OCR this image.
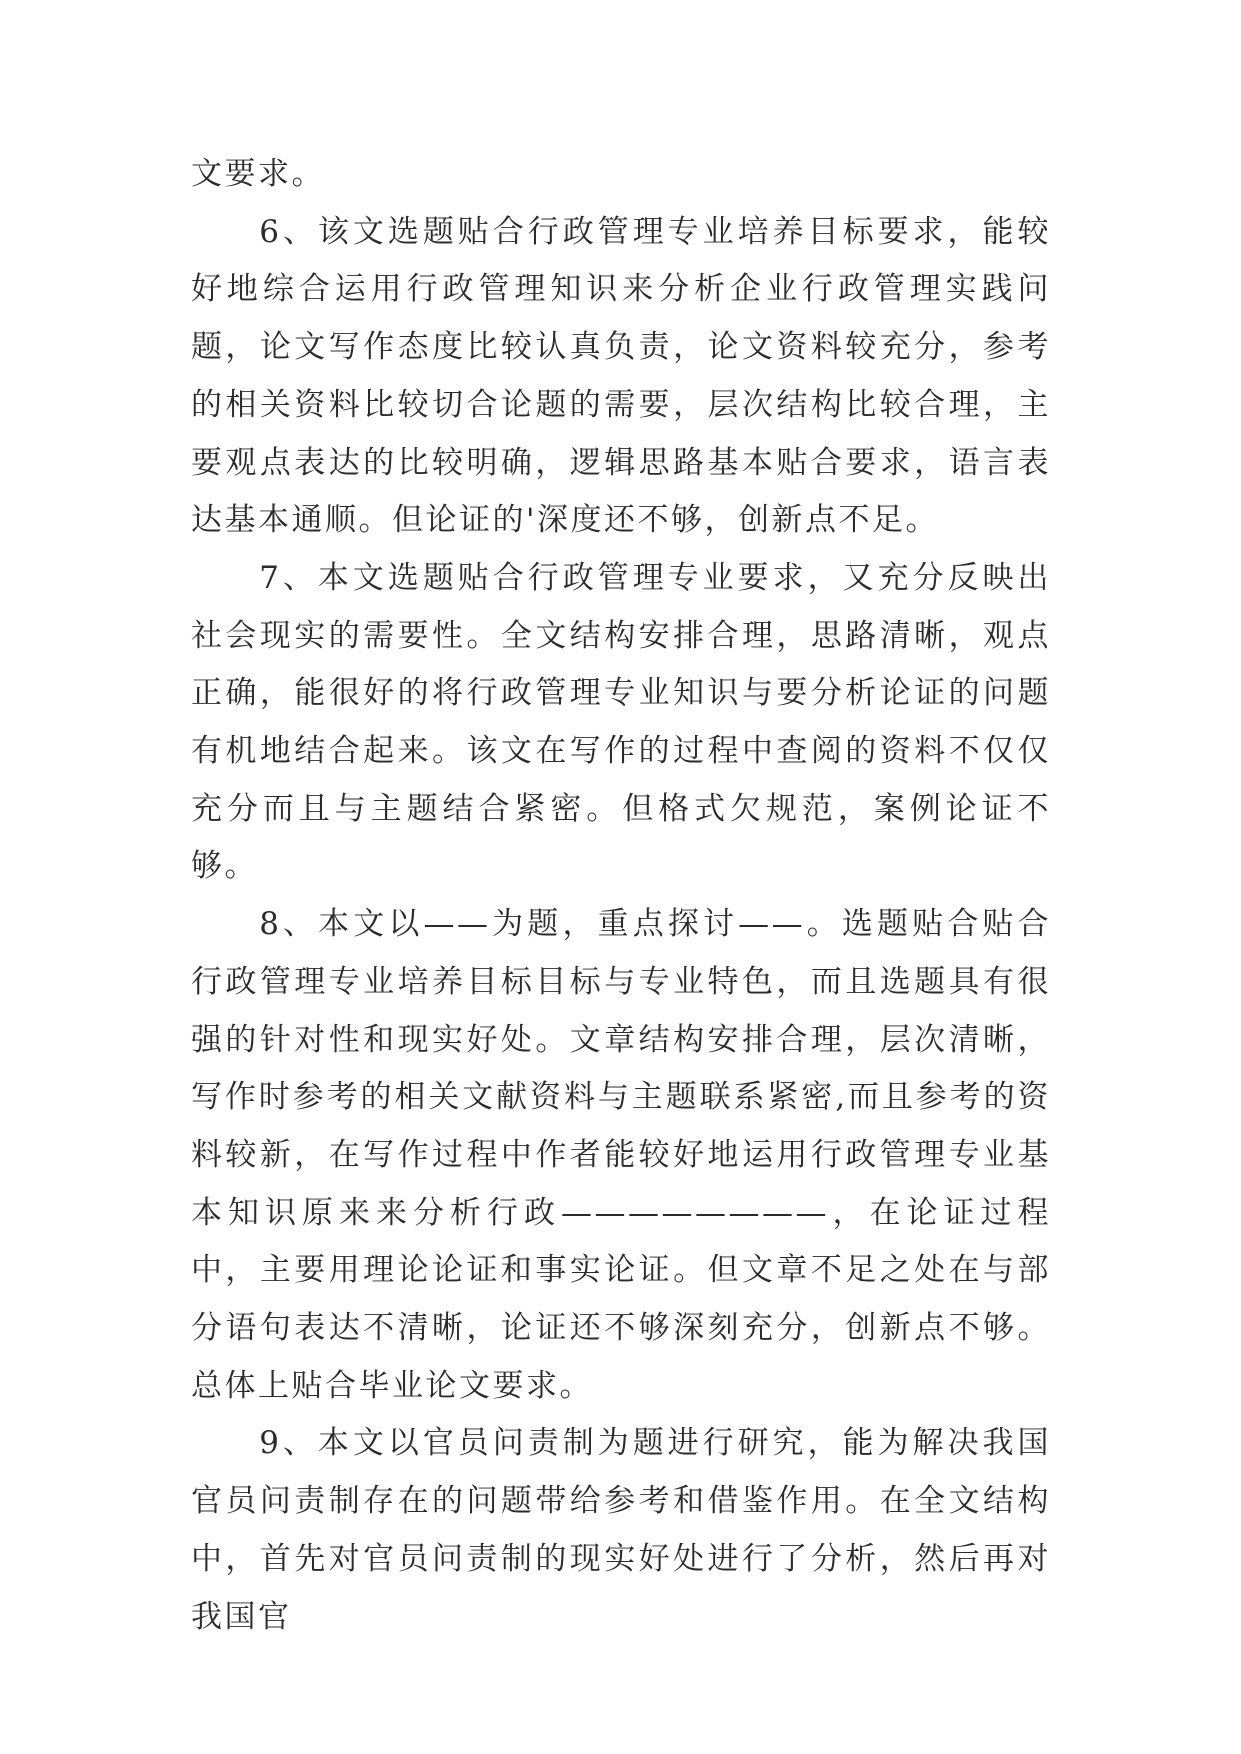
文要求。

6、该文选题贴合行政管理专业培养目标要求，能较好地综合运用行政管理知识来分析企业行政管理实践问题，论文写作态度比较认真负责，论文资料较充分，参考的相关资料比较切合论题的需要，层次结构比较合理，主要观点表达的比较明确，逻辑思路基本贴合要求，语言表达基本通顺。但论证的'深度还不够，创新点不足。

7、本文选题贴合行政管理专业要求，又充分反映出社会现实的需要性。全文结构安排合理，思路清晰，观点正确，能很好的将行政管理专业知识与要分析论证的问题有机地结合起来。该文在写作的过程中查阅的资料不仅仅充分而且与主题结合紧密。但格式欠规范，案例论证不够。

8、本文以——为题，重点探讨——。选题贴合贴合行政管理专业培养目标目标与专业特色，而且选题具有很强的针对性和现实好处。文章结构安排合理，层次清晰，写作时参考的相关文献资料与主题联系紧密,而且参考的资料较新，在写作过程中作者能较好地运用行政管理专业基本知识原来来分析行政————————，在论证过程中，主要用理论论证和事实论证。但文章不足之处在与部分语句表达不清晰，论证还不够深刻充分，创新点不够。总体上贴合毕业论文要求。

9、本文以官员问责制为题进行研究，能为解决我国官员问责制存在的问题带给参考和借鉴作用。在全文结构中，首先对官员问责制的现实好处进行了分析，然后再对我国官
